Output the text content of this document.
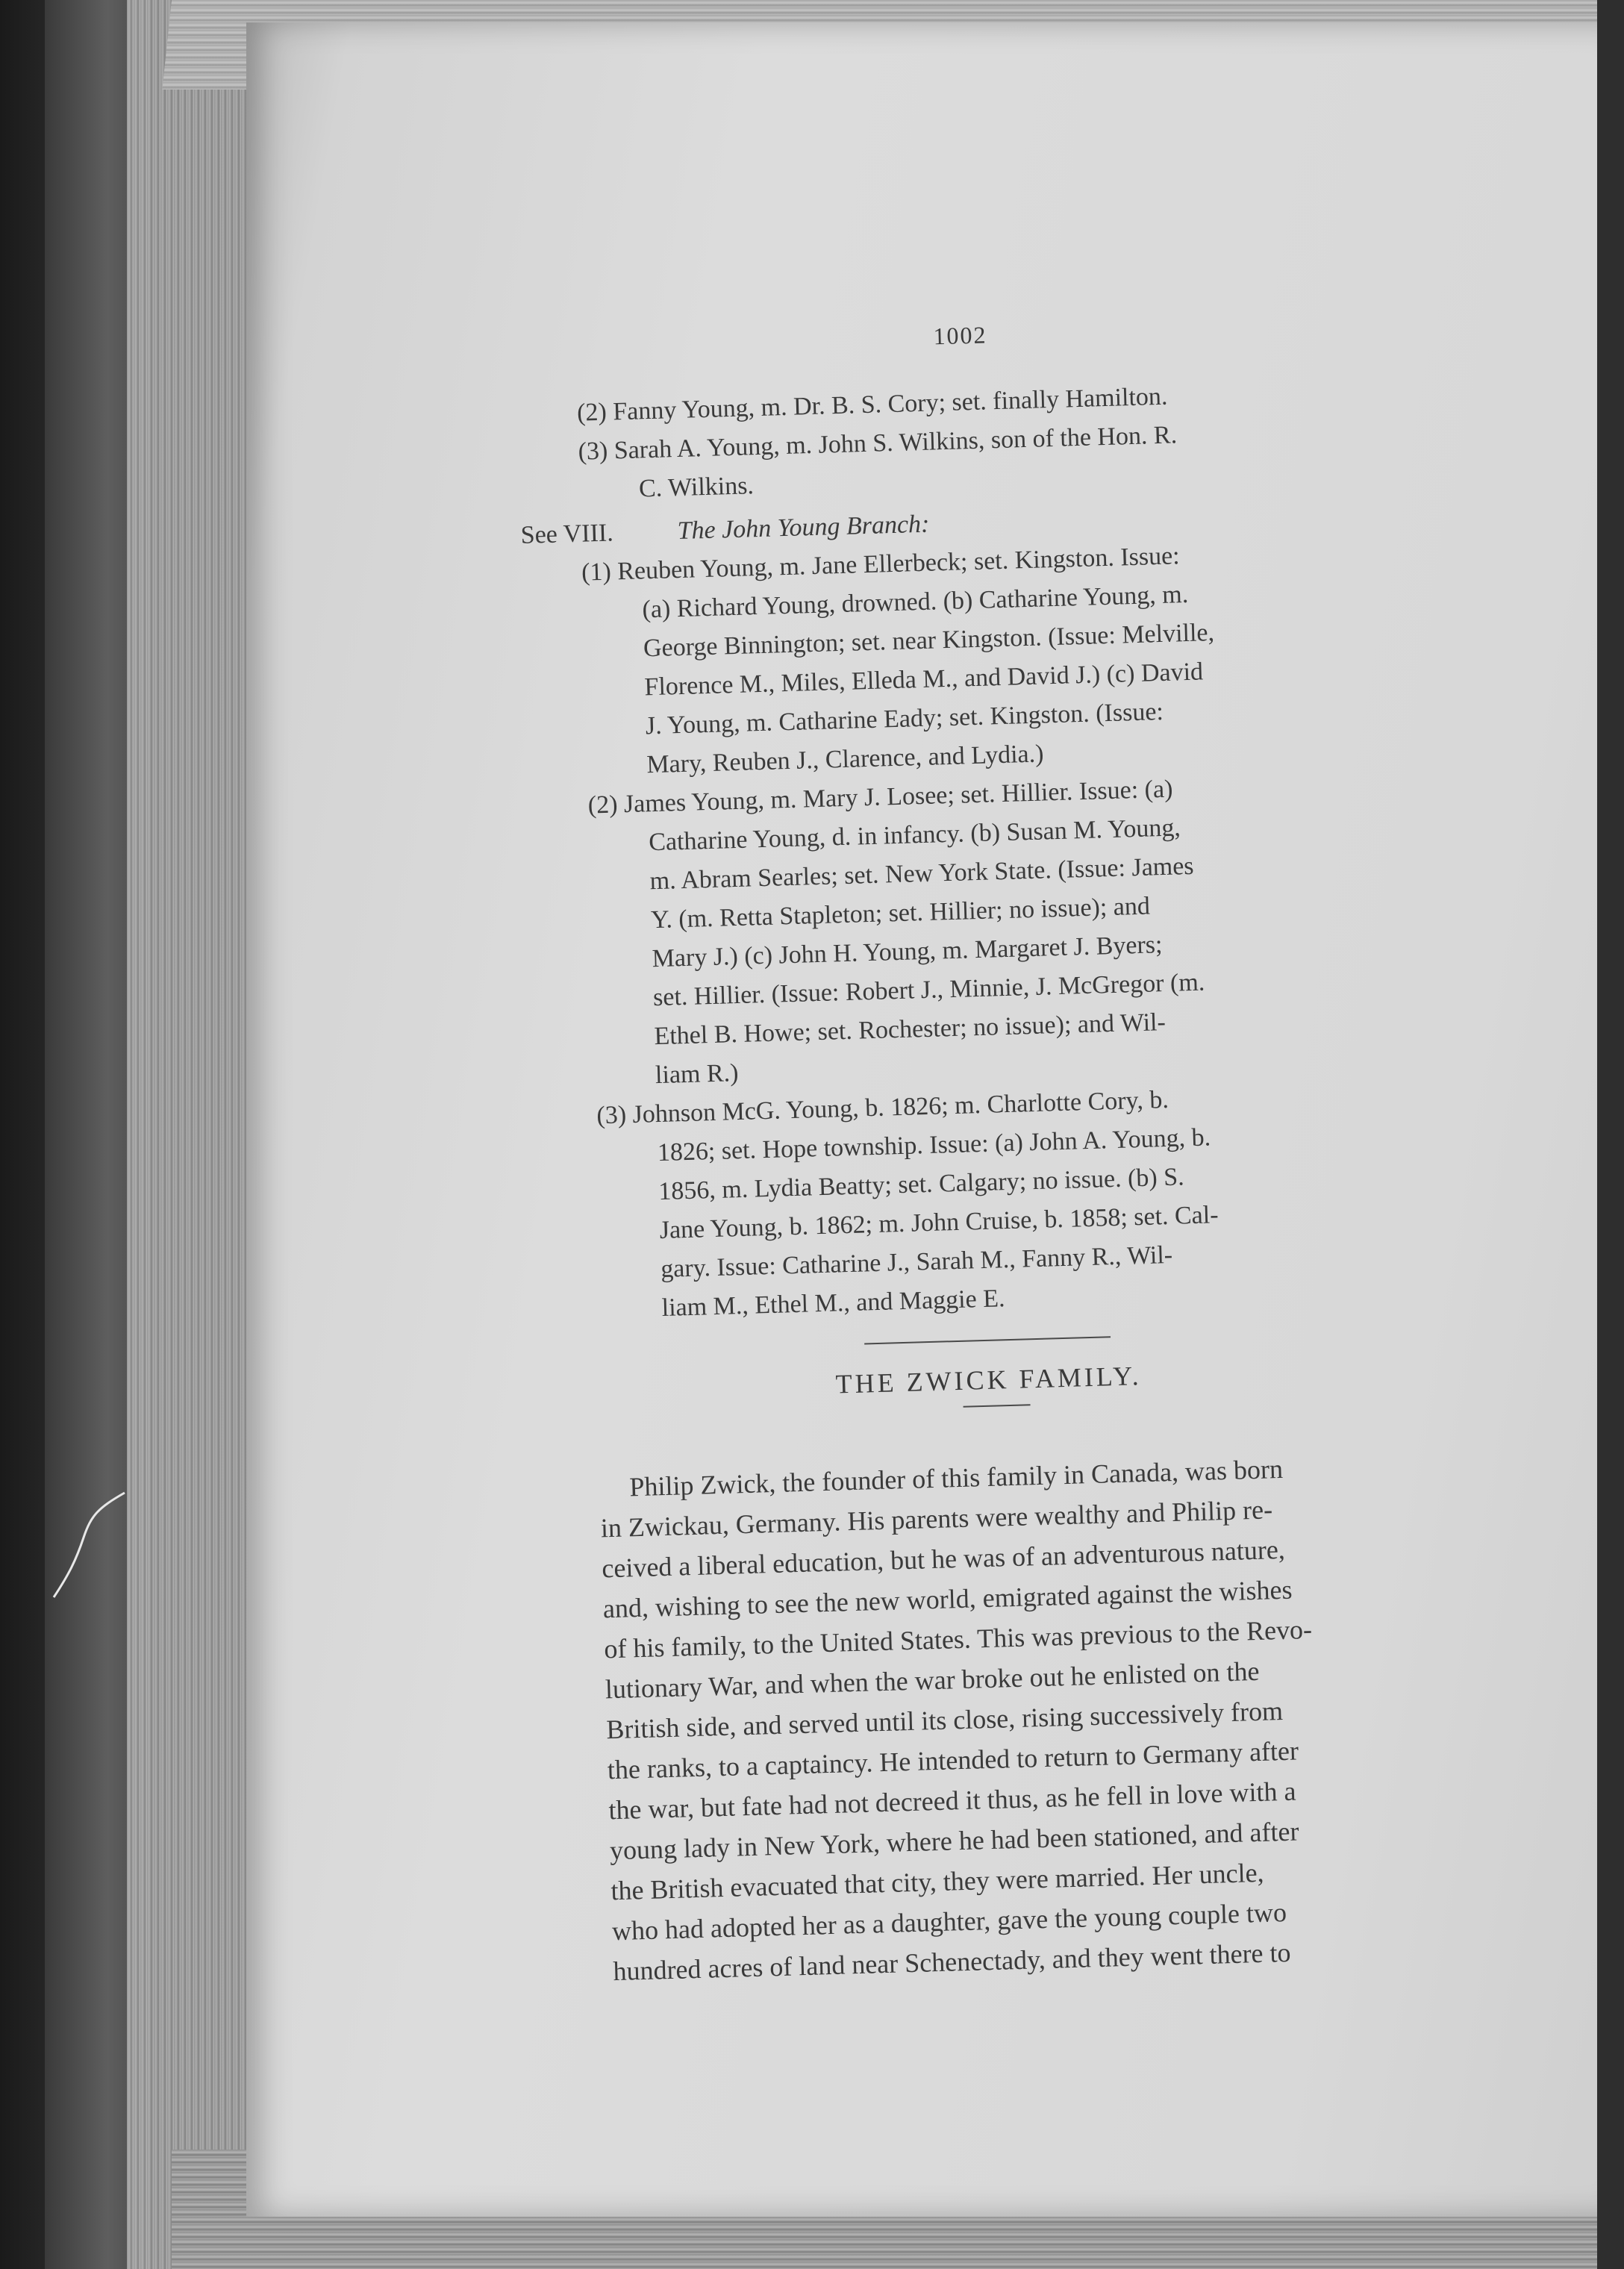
1002
(2) Fanny Young, m. Dr. B. S. Cory; set. finally Hamilton.
(3) Sarah A. Young, m. John S. Wilkins, son of the Hon. R.
C. Wilkins.
See VIII. The John Young Branch:
(1) Reuben Young, m. Jane Ellerbeck; set. Kingston. Issue:
(a) Richard Young, drowned. (b) Catharine Young, m.
George Binnington; set. near Kingston. (Issue: Melville,
Florence M., Miles, Elleda M., and David J.) (c) David
J. Young, m. Catharine Eady; set. Kingston. (Issue:
Mary, Reuben J., Clarence, and Lydia.)
(2) James Young, m. Mary J. Losee; set. Hillier. Issue: (a)
Catharine Young, d. in infancy. (b) Susan M. Young,
m. Abram Searles; set. New York State. (Issue: James
Y. (m. Retta Stapleton; set. Hillier; no issue); and
Mary J.) (c) John H. Young, m. Margaret J. Byers;
set. Hillier. (Issue: Robert J., Minnie, J. McGregor (m.
Ethel B. Howe; set. Rochester; no issue); and Wil-
liam R.)
(3) Johnson McG. Young, b. 1826; m. Charlotte Cory, b.
1826; set. Hope township. Issue: (a) John A. Young, b.
1856, m. Lydia Beatty; set. Calgary; no issue. (b) S.
Jane Young, b. 1862; m. John Cruise, b. 1858; set. Cal-
gary. Issue: Catharine J., Sarah M., Fanny R., Wil-
liam M., Ethel M., and Maggie E.
THE ZWICK FAMILY.
Philip Zwick, the founder of this family in Canada, was born
in Zwickau, Germany. His parents were wealthy and Philip re-
ceived a liberal education, but he was of an adventurous nature,
and, wishing to see the new world, emigrated against the wishes
of his family, to the United States. This was previous to the Revo-
lutionary War, and when the war broke out he enlisted on the
British side, and served until its close, rising successively from
the ranks, to a captaincy. He intended to return to Germany after
the war, but fate had not decreed it thus, as he fell in love with a
young lady in New York, where he had been stationed, and after
the British evacuated that city, they were married. Her uncle,
who had adopted her as a daughter, gave the young couple two
hundred acres of land near Schenectady, and they went there to
